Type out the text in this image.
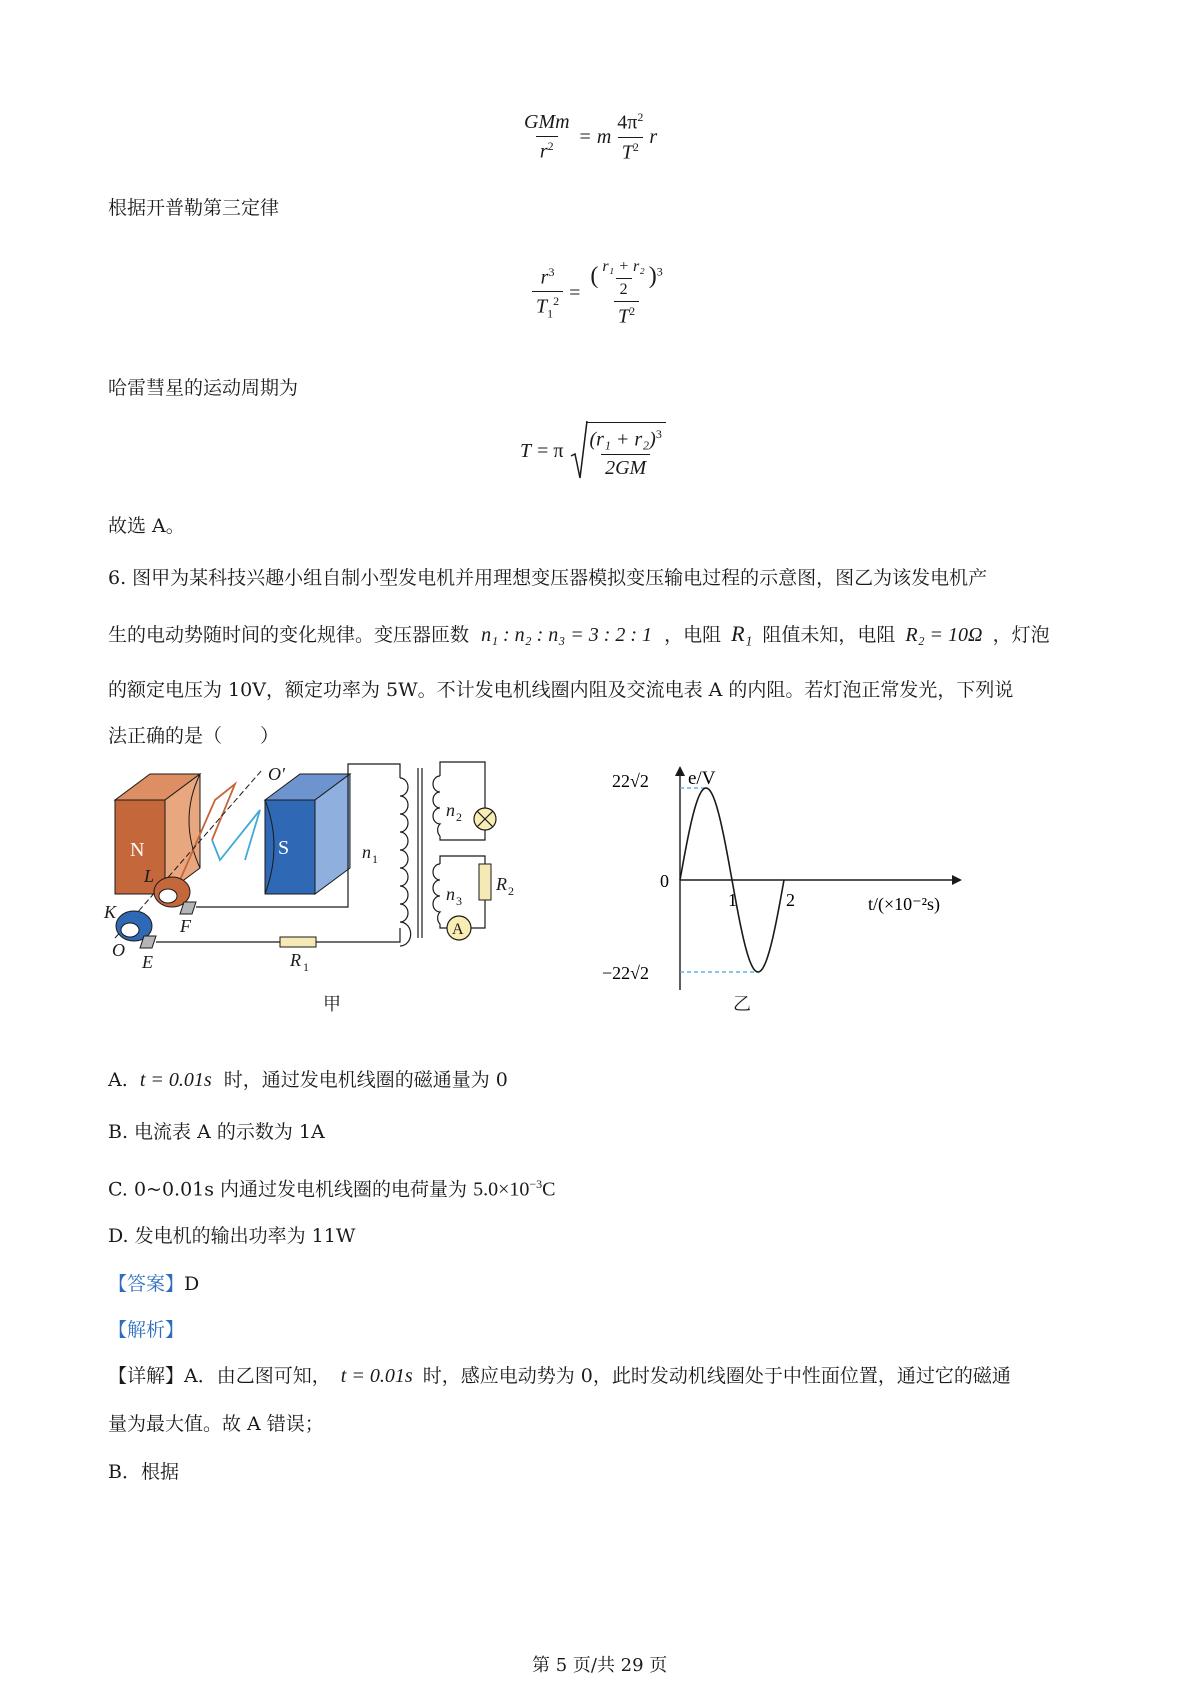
$\frac{\text{GMm}}{r^2} = m \frac{4\pi^2}{T^2}$ r
根据开普勒第三定律
$\frac{r^3}{T_1^2} = \frac{( \frac{\text{r₁ + r₂}}{2} )^3}{T^2}$
哈雷彗星的运动周期为
T = π $\frac{(r_1 + r_2)^3}{2GM}$
故选 A。
6. 图甲为某科技兴趣小组自制小型发电机并用理想变压器模拟变压输电过程的示意图，图乙为该发电机产
生的电动势随时间的变化规律。变压器匝数 n₁ : n₂ : n₃ = 3 : 2 : 1 ，电阻 R₁ 阻值未知，电阻 R₂ = 10Ω ，灯泡
的额定电压为 10V，额定功率为 5W。不计发电机线圈内阻及交流电表 A 的内阻。若灯泡正常发光，下列说
法正确的是（　　）
N	S
O′
O
L
K
F
E	R 1
n 1
n 2
A
n 3
R 2
甲
e/V
t/(×10⁻²s)
22√2
0
−22√2
1	2
乙
A. t = 0.01s 时，通过发电机线圈的磁通量为 0
B. 电流表 A 的示数为 1A
C. 0~0.01s 内通过发电机线圈的电荷量为 $5.0\times 10^{-3}C$
D. 发电机的输出功率为 11W
【答案】D
【解析】
【详解】A．由乙图可知， t = 0.01s 时，感应电动势为 0，此时发动机线圈处于中性面位置，通过它的磁通
量为最大值。故 A 错误；
B．根据
第 5 页/共 29 页
